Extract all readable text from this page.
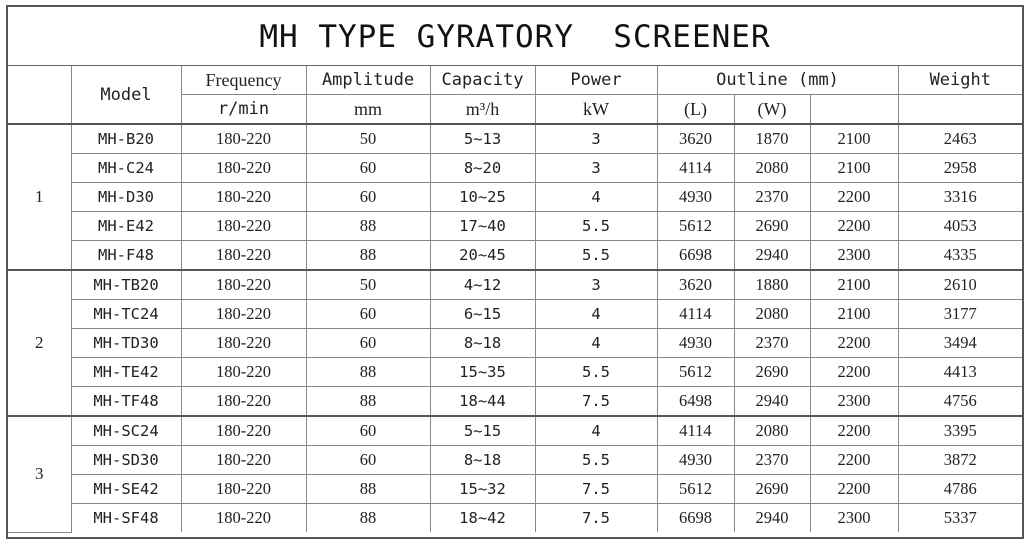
MH TYPE GYRATORY  SCREENER
	Model	Frequency	Amplitude	Capacity	Power	Outline (mm)			Weight
		r/min	mm	m³/h	kW	(L)	(W)		
1	MH-B20	180-220	50	5~13	3	3620	1870	2100	2463
	MH-C24	180-220	60	8~20	3	4114	2080	2100	2958
	MH-D30	180-220	60	10~25	4	4930	2370	2200	3316
	MH-E42	180-220	88	17~40	5.5	5612	2690	2200	4053
	MH-F48	180-220	88	20~45	5.5	6698	2940	2300	4335
2	MH-TB20	180-220	50	4~12	3	3620	1880	2100	2610
	MH-TC24	180-220	60	6~15	4	4114	2080	2100	3177
	MH-TD30	180-220	60	8~18	4	4930	2370	2200	3494
	MH-TE42	180-220	88	15~35	5.5	5612	2690	2200	4413
	MH-TF48	180-220	88	18~44	7.5	6498	2940	2300	4756
3	MH-SC24	180-220	60	5~15	4	4114	2080	2200	3395
	MH-SD30	180-220	60	8~18	5.5	4930	2370	2200	3872
	MH-SE42	180-220	88	15~32	7.5	5612	2690	2200	4786
	MH-SF48	180-220	88	18~42	7.5	6698	2940	2300	5337
